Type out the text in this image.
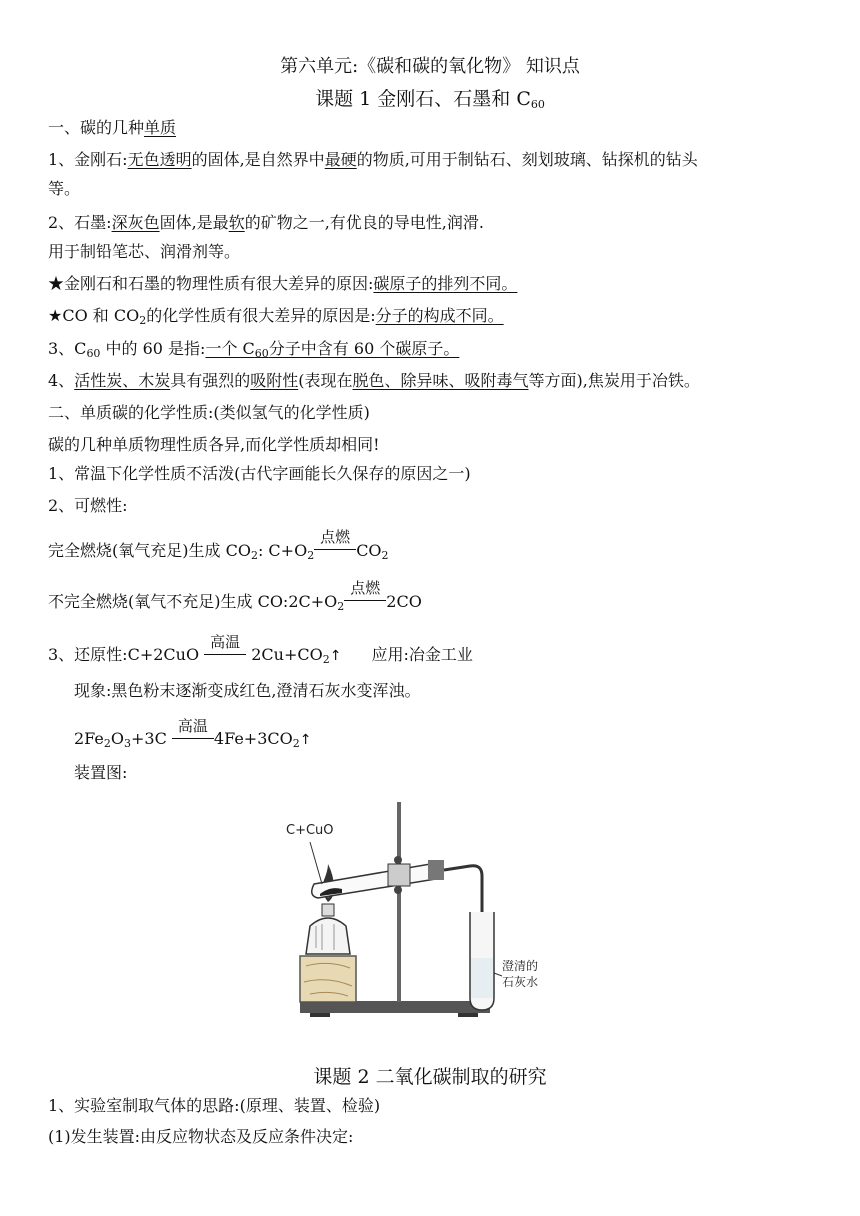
第六单元:《碳和碳的氧化物》 知识点
课题 1 金刚石、石墨和 $C_{60}$
一、碳的几种单质
1、金刚石:无色透明的固体,是自然界中最硬的物质,可用于制钻石、刻划玻璃、钻探机的钻头
等。
2、石墨:深灰色固体,是最软的矿物之一,有优良的导电性,润滑.
用于制铅笔芯、润滑剂等。
★金刚石和石墨的物理性质有很大差异的原因:碳原子的排列不同。
★CO 和 $CO_2$的化学性质有很大差异的原因是:分子的构成不同。
3、$C_{60}$ 中的 60 是指:一个 $C_{60}$分子中含有 60 个碳原子。
4、活性炭、木炭具有强烈的吸附性(表现在脱色、除异味、吸附毒气等方面),焦炭用于冶铁。
二、单质碳的化学性质:(类似氢气的化学性质)
碳的几种单质物理性质各异,而化学性质却相同!
1、常温下化学性质不活泼(古代字画能长久保存的原因之一)
2、可燃性:
完全燃烧(氧气充足)生成 $CO_2$: $C+O_2$
点燃
$CO_2$
不完全燃烧(氧气不充足)生成 $CO:2C+O_2$
点燃
2CO
3、还原性:C+2CuO
高温
$2Cu+CO_2↑$ 应用:冶金工业
现象:黑色粉末逐渐变成红色,澄清石灰水变浑浊。
$2Fe_2O_3+3C$
高温
$4Fe+3CO_2↑$
装置图:
C+CuO
澄清的
石灰水
课题 2 二氧化碳制取的研究
1、实验室制取气体的思路:(原理、装置、检验)
(1)发生装置:由反应物状态及反应条件决定:
